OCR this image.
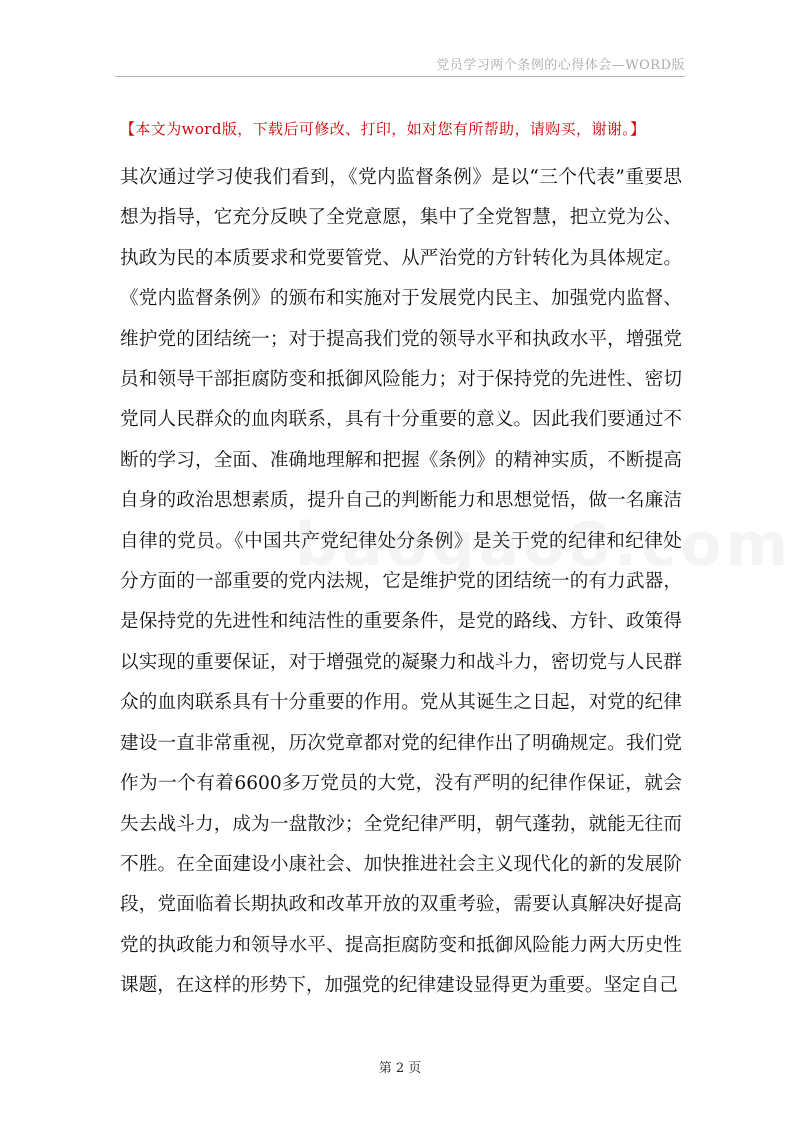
党员学习两个条例的心得体会—WORD版
【本文为word版，下载后可修改、打印，如对您有所帮助，请购买，谢谢。】

其次通过学习使我们看到，《党内监督条例》是以“三个代表”重要思想为指导，它充分反映了全党意愿，集中了全党智慧，把立党为公、执政为民的本质要求和党要管党、从严治党的方针转化为具体规定。《党内监督条例》的颁布和实施对于发展党内民主、加强党内监督、维护党的团结统一；对于提高我们党的领导水平和执政水平，增强党员和领导干部拒腐防变和抵御风险能力；对于保持党的先进性、密切党同人民群众的血肉联系，具有十分重要的意义。因此我们要通过不断的学习，全面、准确地理解和把握《条例》的精神实质，不断提高自身的政治思想素质，提升自己的判断能力和思想觉悟，做一名廉洁自律的党员。《中国共产党纪律处分条例》是关于党的纪律和纪律处分方面的一部重要的党内法规，它是维护党的团结统一的有力武器，是保持党的先进性和纯洁性的重要条件，是党的路线、方针、政策得以实现的重要保证，对于增强党的凝聚力和战斗力，密切党与人民群众的血肉联系具有十分重要的作用。党从其诞生之日起，对党的纪律建设一直非常重视，历次党章都对党的纪律作出了明确规定。我们党作为一个有着6600多万党员的大党，没有严明的纪律作保证，就会失去战斗力，成为一盘散沙；全党纪律严明，朝气蓬勃，就能无往而不胜。在全面建设小康社会、加快推进社会主义现代化的新的发展阶段，党面临着长期执政和改革开放的双重考验，需要认真解决好提高党的执政能力和领导水平、提高拒腐防变和抵御风险能力两大历史性课题，在这样的形势下，加强党的纪律建设显得更为重要。坚定自己

第 2 页
